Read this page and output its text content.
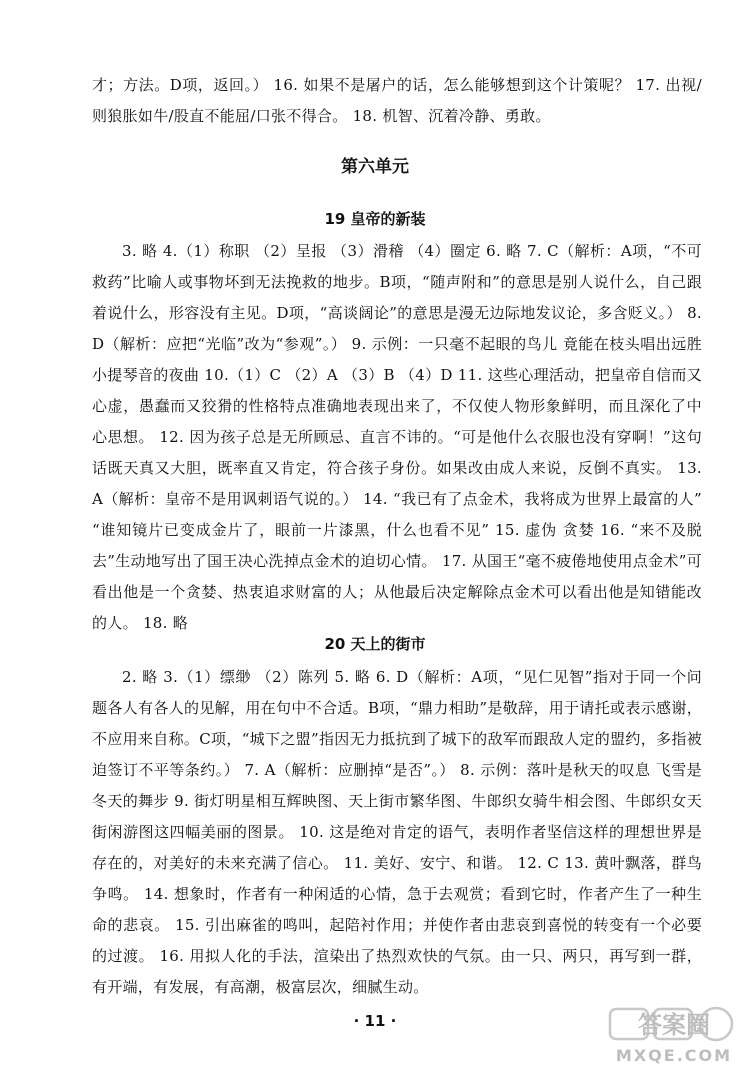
才；方法。D项，返回。） 16. 如果不是屠户的话，怎么能够想到这个计策呢？ 17. 出视/则狼胀如牛/股直不能屈/口张不得合。 18. 机智、沉着冷静、勇敢。
第六单元
19 皇帝的新装
3. 略 4.（1）称职 （2）呈报 （3）滑稽 （4）圈定 6. 略 7. C（解析：A项，“不可救药”比喻人或事物坏到无法挽救的地步。B项，“随声附和”的意思是别人说什么，自己跟着说什么，形容没有主见。D项，“高谈阔论”的意思是漫无边际地发议论，多含贬义。） 8. D（解析：应把“光临”改为“参观”。） 9. 示例：一只毫不起眼的鸟儿 竟能在枝头唱出远胜小提琴音的夜曲 10.（1）C （2）A （3）B （4）D 11. 这些心理活动，把皇帝自信而又心虚，愚蠢而又狡猾的性格特点准确地表现出来了，不仅使人物形象鲜明，而且深化了中心思想。 12. 因为孩子总是无所顾忌、直言不讳的。“可是他什么衣服也没有穿啊！”这句话既天真又大胆，既率直又肯定，符合孩子身份。如果改由成人来说，反倒不真实。 13. A（解析：皇帝不是用讽刺语气说的。） 14. “我已有了点金术，我将成为世界上最富的人” “谁知镜片已变成金片了，眼前一片漆黑，什么也看不见” 15. 虚伪 贪婪 16. “来不及脱去”生动地写出了国王决心洗掉点金术的迫切心情。 17. 从国王“毫不疲倦地使用点金术”可看出他是一个贪婪、热衷追求财富的人；从他最后决定解除点金术可以看出他是知错能改的人。 18. 略
20 天上的街市
2. 略 3.（1）缥缈 （2）陈列 5. 略 6. D（解析：A项，“见仁见智”指对于同一个问题各人有各人的见解，用在句中不合适。B项，“鼎力相助”是敬辞，用于请托或表示感谢，不应用来自称。C项，“城下之盟”指因无力抵抗到了城下的敌军而跟敌人定的盟约，多指被迫签订不平等条约。） 7. A（解析：应删掉“是否”。） 8. 示例：落叶是秋天的叹息 飞雪是冬天的舞步 9. 街灯明星相互辉映图、天上街市繁华图、牛郎织女骑牛相会图、牛郎织女天街闲游图这四幅美丽的图景。 10. 这是绝对肯定的语气，表明作者坚信这样的理想世界是存在的，对美好的未来充满了信心。 11. 美好、安宁、和谐。 12. C 13. 黄叶飘落，群鸟争鸣。 14. 想象时，作者有一种闲适的心情，急于去观赏；看到它时，作者产生了一种生命的悲哀。 15. 引出麻雀的鸣叫，起陪衬作用；并使作者由悲哀到喜悦的转变有一个必要的过渡。 16. 用拟人化的手法，渲染出了热烈欢快的气氛。由一只、两只，再写到一群，有开端，有发展，有高潮，极富层次，细腻生动。
· 11 ·	答案圈
MXQE.COM
